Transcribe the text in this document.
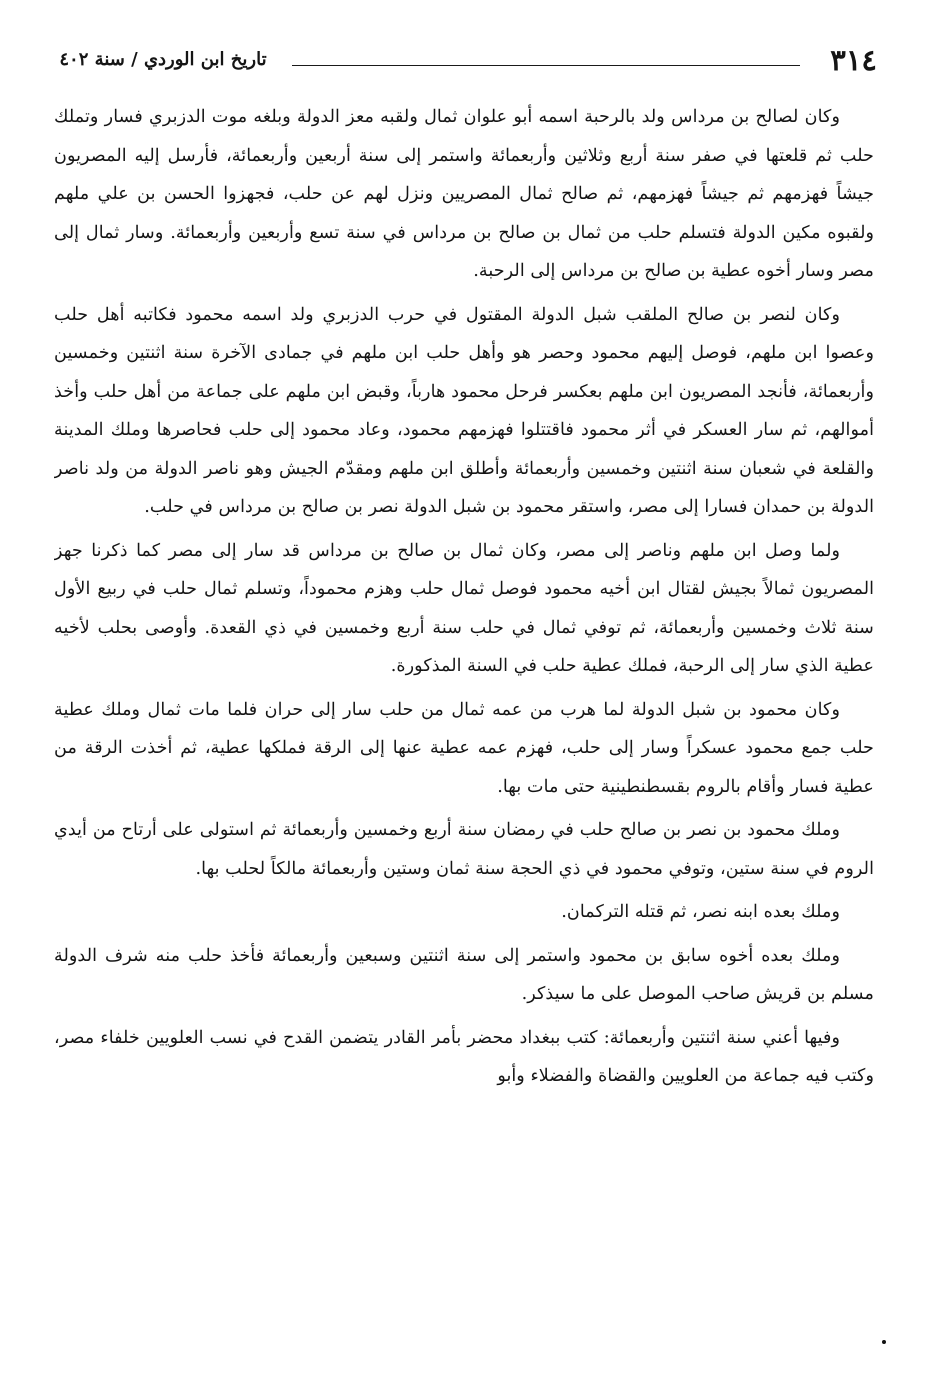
٣١٤
تاريخ ابن الوردي / سنة ٤٠٢

وكان لصالح بن مرداس ولد بالرحبة اسمه أبو علوان ثمال ولقبه معز الدولة وبلغه موت الدزبري فسار وتملك حلب ثم قلعتها في صفر سنة أربع وثلاثين وأربعمائة واستمر إلى سنة أربعين وأربعمائة، فأرسل إليه المصريون جيشاً فهزمهم ثم جيشاً فهزمهم، ثم صالح ثمال المصريين ونزل لهم عن حلب، فجهزوا الحسن بن علي ملهم ولقبوه مكين الدولة فتسلم حلب من ثمال بن صالح بن مرداس في سنة تسع وأربعين وأربعمائة. وسار ثمال إلى مصر وسار أخوه عطية بن صالح بن مرداس إلى الرحبة.

وكان لنصر بن صالح الملقب شبل الدولة المقتول في حرب الدزبري ولد اسمه محمود فكاتبه أهل حلب وعصوا ابن ملهم، فوصل إليهم محمود وحصر هو وأهل حلب ابن ملهم في جمادى الآخرة سنة اثنتين وخمسين وأربعمائة، فأنجد المصريون ابن ملهم بعكسر فرحل محمود هارباً، وقبض ابن ملهم على جماعة من أهل حلب وأخذ أموالهم، ثم سار العسكر في أثر محمود فاقتتلوا فهزمهم محمود، وعاد محمود إلى حلب فحاصرها وملك المدينة والقلعة في شعبان سنة اثنتين وخمسين وأربعمائة وأطلق ابن ملهم ومقدّم الجيش وهو ناصر الدولة من ولد ناصر الدولة بن حمدان فسارا إلى مصر، واستقر محمود بن شبل الدولة نصر بن صالح بن مرداس في حلب.

ولما وصل ابن ملهم وناصر إلى مصر، وكان ثمال بن صالح بن مرداس قد سار إلى مصر كما ذكرنا جهز المصريون ثمالاً بجيش لقتال ابن أخيه محمود فوصل ثمال حلب وهزم محموداً، وتسلم ثمال حلب في ربيع الأول سنة ثلاث وخمسين وأربعمائة، ثم توفي ثمال في حلب سنة أربع وخمسين في ذي القعدة. وأوصى بحلب لأخيه عطية الذي سار إلى الرحبة، فملك عطية حلب في السنة المذكورة.

وكان محمود بن شبل الدولة لما هرب من عمه ثمال من حلب سار إلى حران فلما مات ثمال وملك عطية حلب جمع محمود عسكراً وسار إلى حلب، فهزم عمه عطية عنها إلى الرقة فملكها عطية، ثم أخذت الرقة من عطية فسار وأقام بالروم بقسطنطينية حتى مات بها.

وملك محمود بن نصر بن صالح حلب في رمضان سنة أربع وخمسين وأربعمائة ثم استولى على أرتاح من أيدي الروم في سنة ستين، وتوفي محمود في ذي الحجة سنة ثمان وستين وأربعمائة مالكاً لحلب بها.

وملك بعده ابنه نصر، ثم قتله التركمان.

وملك بعده أخوه سابق بن محمود واستمر إلى سنة اثنتين وسبعين وأربعمائة فأخذ حلب منه شرف الدولة مسلم بن قريش صاحب الموصل على ما سيذكر.

وفيها أعني سنة اثنتين وأربعمائة: كتب ببغداد محضر بأمر القادر يتضمن القدح في نسب العلويين خلفاء مصر، وكتب فيه جماعة من العلويين والقضاة والفضلاء وأبو
